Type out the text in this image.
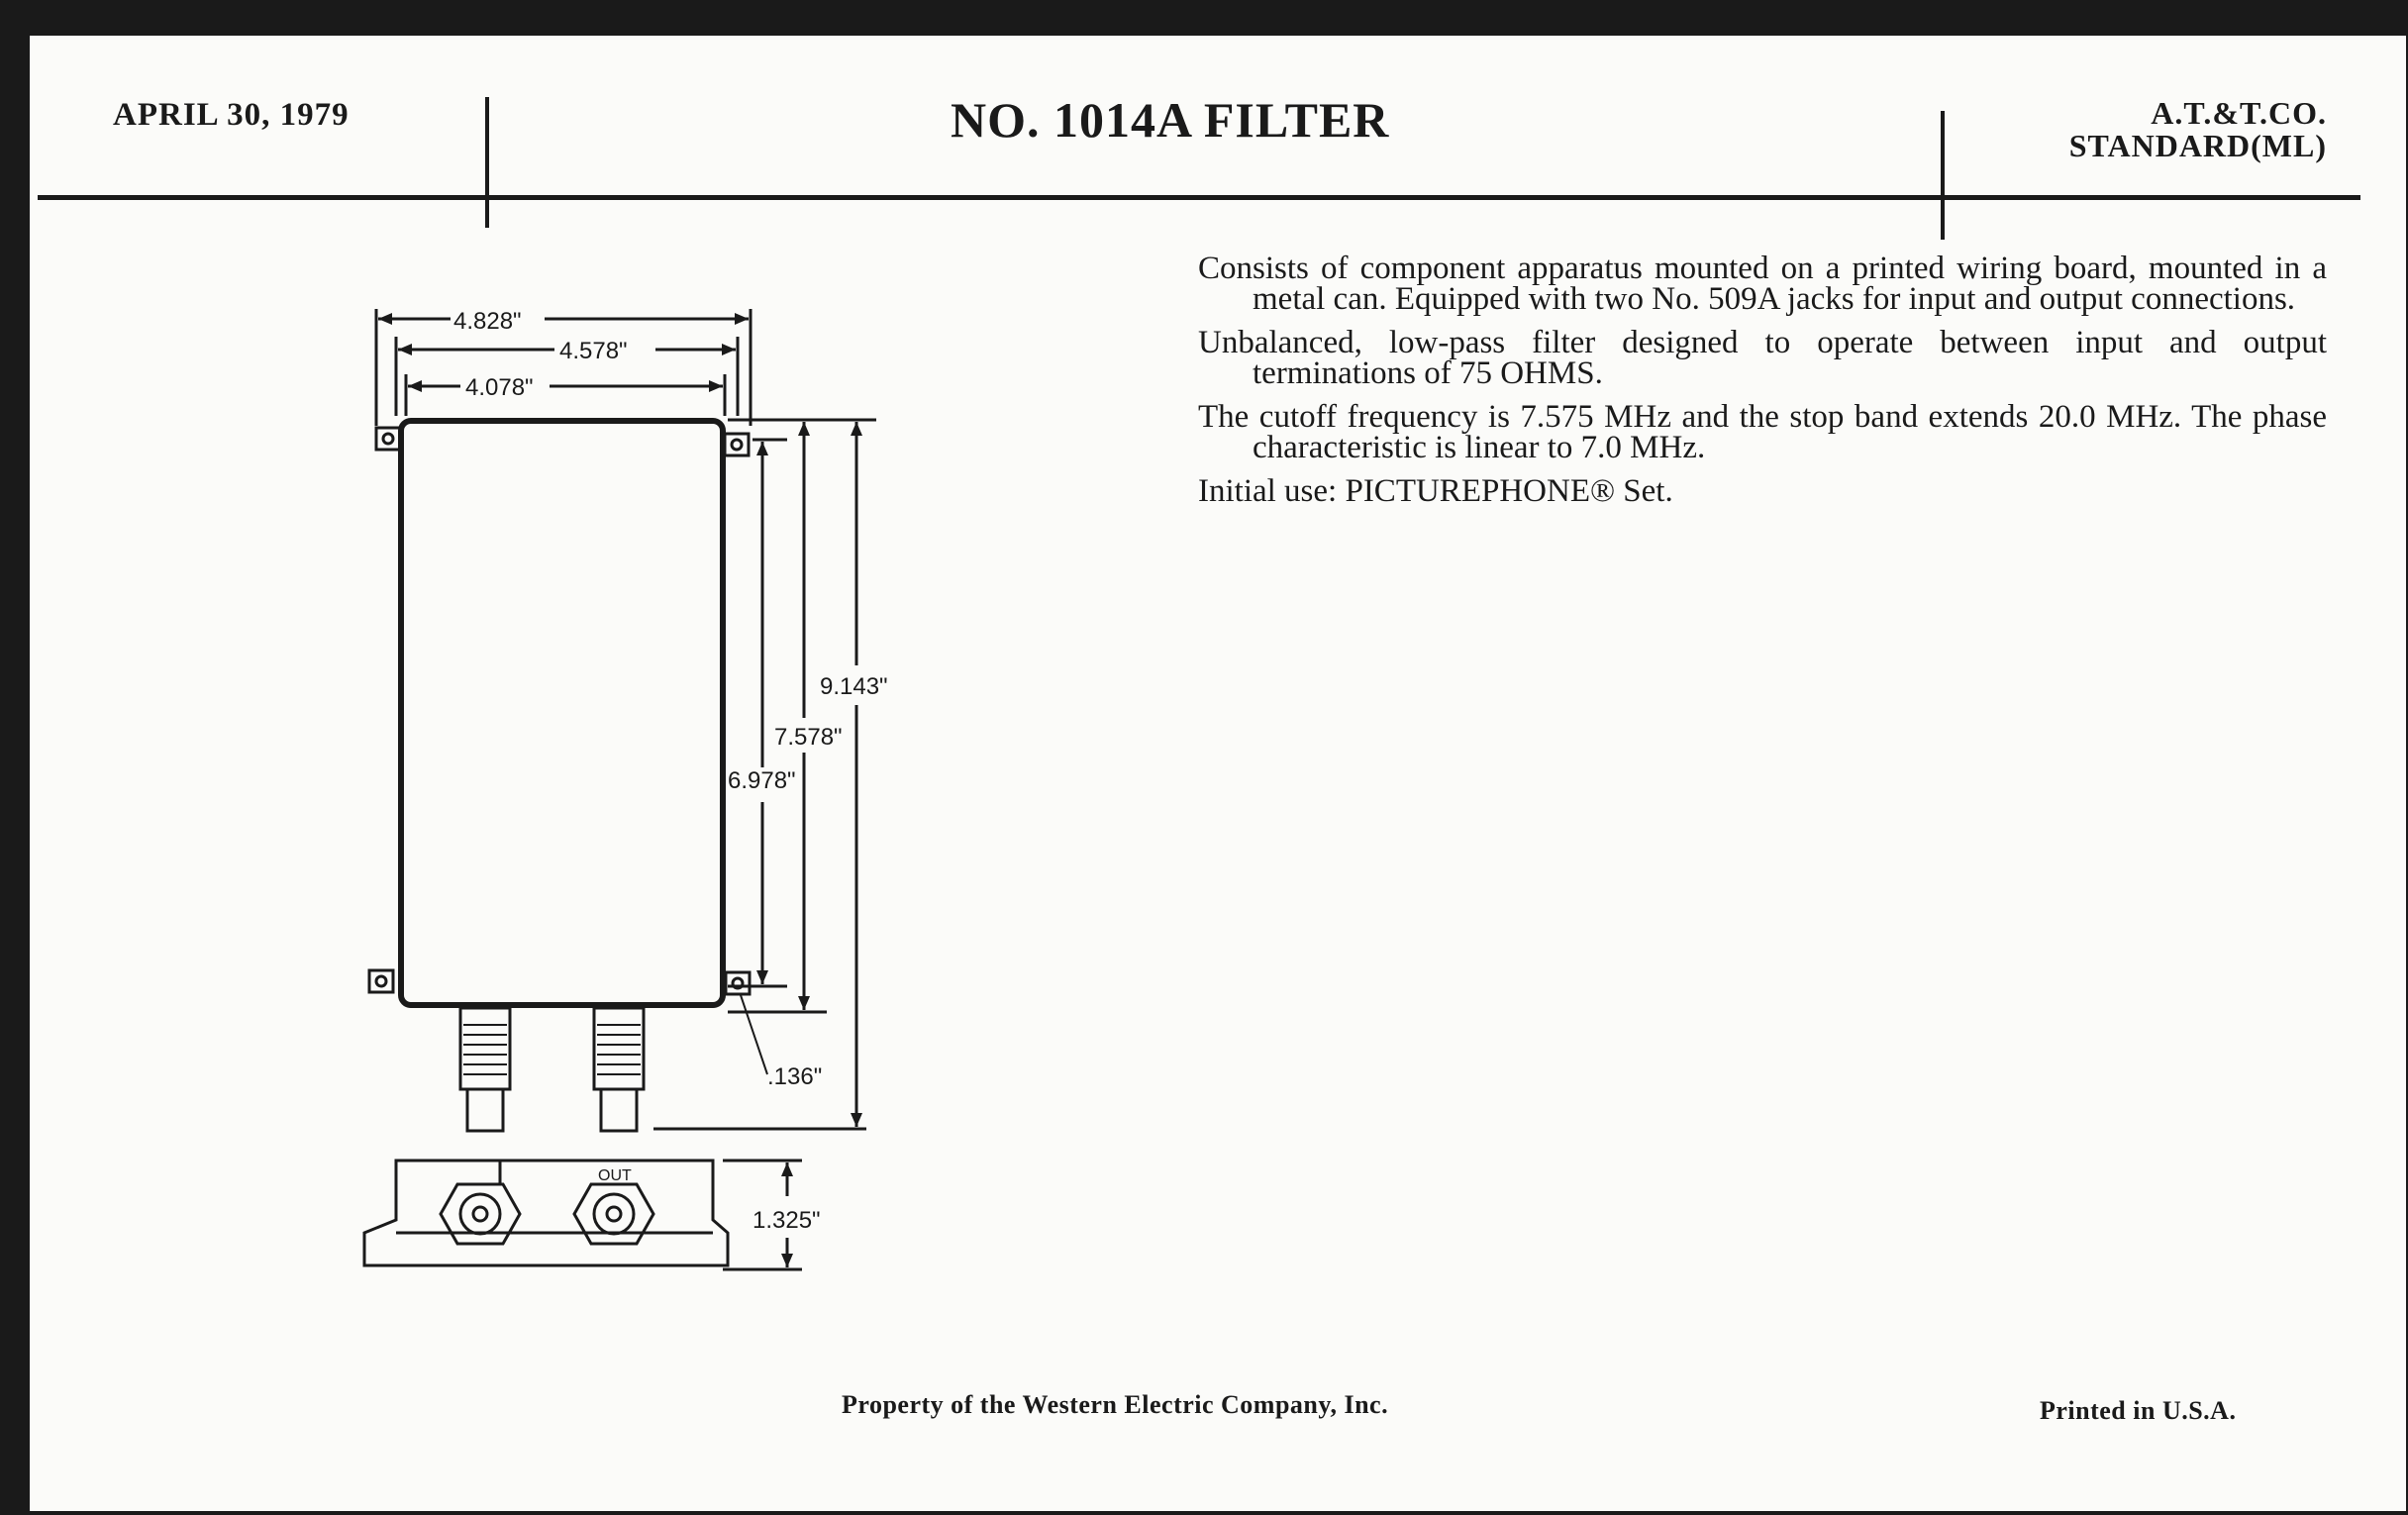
APRIL 30, 1979	NO. 1014A FILTER	A.T.&T.CO.
STANDARD(ML)

Consists of component apparatus mounted on a printed wiring board, mounted in a metal can. Equipped with two No. 509A jacks for input and output connections.

Unbalanced, low-pass filter designed to operate between input and output terminations of 75 OHMS.

The cutoff frequency is 7.575 MHz and the stop band extends 20.0 MHz. The phase characteristic is linear to 7.0 MHz.

Initial use: PICTUREPHONE® Set.

4.828"
4.578"
4.078"
9.143"
7.578"
6.978"
.136"
1.325"
OUT
Property of the Western Electric Company, Inc.	Printed in U.S.A.
